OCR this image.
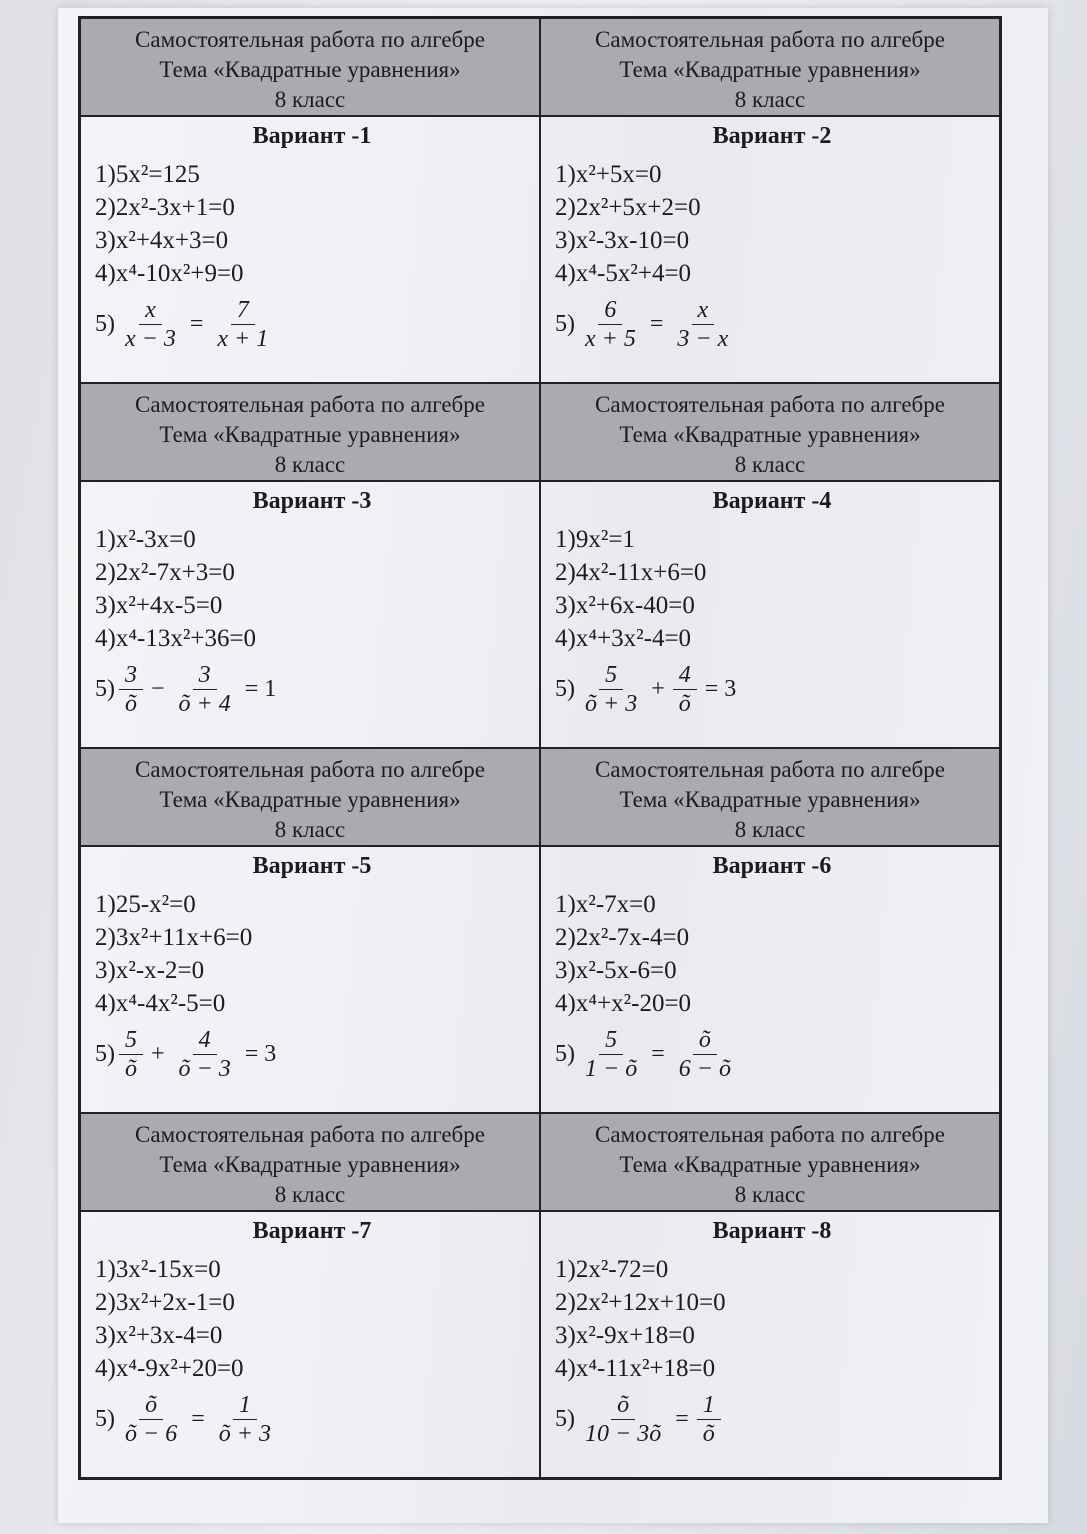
Самостоятельная работа по алгебре
Тема «Квадратные уравнения»
8 класс
Вариант -1
1)5x²=125
2)2x²-3x+1=0
3)x²+4x+3=0
4)x⁴-10x²+9=0
$5) \frac{x}{x - 3} = \frac{7}{x + 1}$
Самостоятельная работа по алгебре
Тема «Квадратные уравнения»
8 класс
Вариант -2
1)x²+5x=0
2)2x²+5x+2=0
3)x²-3x-10=0
4)x⁴-5x²+4=0
$5) \frac{6}{x + 5} = \frac{x}{3 - x}$
Самостоятельная работа по алгебре
Тема «Квадратные уравнения»
8 класс
Вариант -3
1)x²-3x=0
2)2x²-7x+3=0
3)x²+4x-5=0
4)x⁴-13x²+36=0
$5) \frac{3}{õ} - \frac{3}{õ + 4} = 1$
Самостоятельная работа по алгебре
Тема «Квадратные уравнения»
8 класс
Вариант -4
1)9x²=1
2)4x²-11x+6=0
3)x²+6x-40=0
4)x⁴+3x²-4=0
$5) \frac{5}{õ + 3} + \frac{4}{õ} = 3$
Самостоятельная работа по алгебре
Тема «Квадратные уравнения»
8 класс
Вариант -5
1)25-x²=0
2)3x²+11x+6=0
3)x²-x-2=0
4)x⁴-4x²-5=0
$5) \frac{5}{õ} + \frac{4}{õ - 3} = 3$
Самостоятельная работа по алгебре
Тема «Квадратные уравнения»
8 класс
Вариант -6
1)x²-7x=0
2)2x²-7x-4=0
3)x²-5x-6=0
4)x⁴+x²-20=0
$5) \frac{5}{1 - õ} = \frac{õ}{6 - õ}$
Самостоятельная работа по алгебре
Тема «Квадратные уравнения»
8 класс
Вариант -7
1)3x²-15x=0
2)3x²+2x-1=0
3)x²+3x-4=0
4)x⁴-9x²+20=0
$5) \frac{õ}{õ - 6} = \frac{1}{õ + 3}$
Самостоятельная работа по алгебре
Тема «Квадратные уравнения»
8 класс
Вариант -8
1)2x²-72=0
2)2x²+12x+10=0
3)x²-9x+18=0
4)x⁴-11x²+18=0
$5) \frac{õ}{10 - 3õ} = \frac{1}{õ}$
